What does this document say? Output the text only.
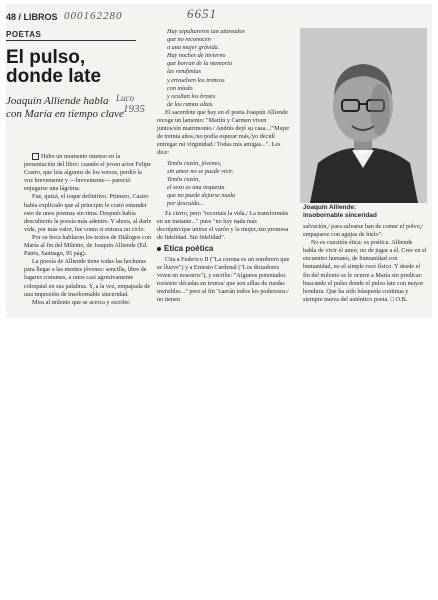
48 / LIBROS 000162280	6651
POETAS
El pulso,
donde late
Joaquín Alliende habla con María en tiempo clave
Luco
1935

Hubo un momento intenso en la presentación del libro: cuando el joven actor Felipe Castro, que leía algunos de los versos, perdió la voz brevemente y —brevemente— pareció enjugarse una lágrima.

Fue, quizá, el toque definitivo. Primero, Castro había explicado que al principio le costó entender esto de unos poemas sin rima. Después había descubierto la poesía más adentro. Y ahora, al darle vida, por más valor, fue como si entrara un ciclo.

Por su boca hablaron los textos de Diálogos con María al fin del Milenio, de Joaquín Alliende (Ed. Patris, Santiago, 95 pág).

La poesía de Alliende tiene todas las hechuras para llegar a las mentes jóvenes: sencilla, libre de lugares comunes, a ratos casi agresivamente coloquial en sus palabras. Y, a la vez, empapada de una impresión de insobornable sinceridad.

Mira al milenio que se acerca y escribe:

Hay sepultureros tan atareados
que no reconocen
a una mujer grávida.
Hay noches de invierno
que borran de la memoria
las vendimias
y envuelven los troncos
con miedo
y ocultan los brotes
de las ramas altas.

El sacerdote que hay en el poeta Joaquín Alliende recoge un lamento: "Martín y Carmen viven juntos/sin matrimonio./ Andrés dejó su casa.../"Mujer de treinta años,/no podía esperar más,/yo decidí entregar mi virginidad./ Todas mis amigas...". Les dice:

Tenéis razón, jóvenes,
sin amor no se puede vivir.
Tenéis razón,
el sexo es una orquesta
que no puede dejarse muda
por descuido...

Es cierto, pero "recortais la vida./ La transformáis en un instante..." pues "no hay nada más decrépito/que unirse el varón y la mujer,/sin promesa de fidelidad. Sin fidelidad".

Etica poética

Cita a Federico II ("La corona es un sombrero que se llueve") y a Ernesto Cardenal ("Los dictadores viven en nosotros"), y escribe: "Algunos potentados resisten/ décadas en tronos/ que son sillas de ruedas invisibles..." pero al fin "caerán todos los poderosos:/ no tienen

Joaquín Alliende:
insobornable sinceridad

salvación,/ para salvarse han de comer el polvo,/ empaparse con agujas de hielo".

No es cuestión ética: es poética. Alliende habla de vivir el amor, no de jugar a él. Cree en el encuentro humano, de humanidad con humanidad, no el simple roce físico. Y desde el fin del milenio se le ocurre a María sin predicar: buscando el pulso donde el pulso late con mayor hondura. Que ha sido búsqueda continua y siempre nueva del auténtico poeta. □ O.B.
